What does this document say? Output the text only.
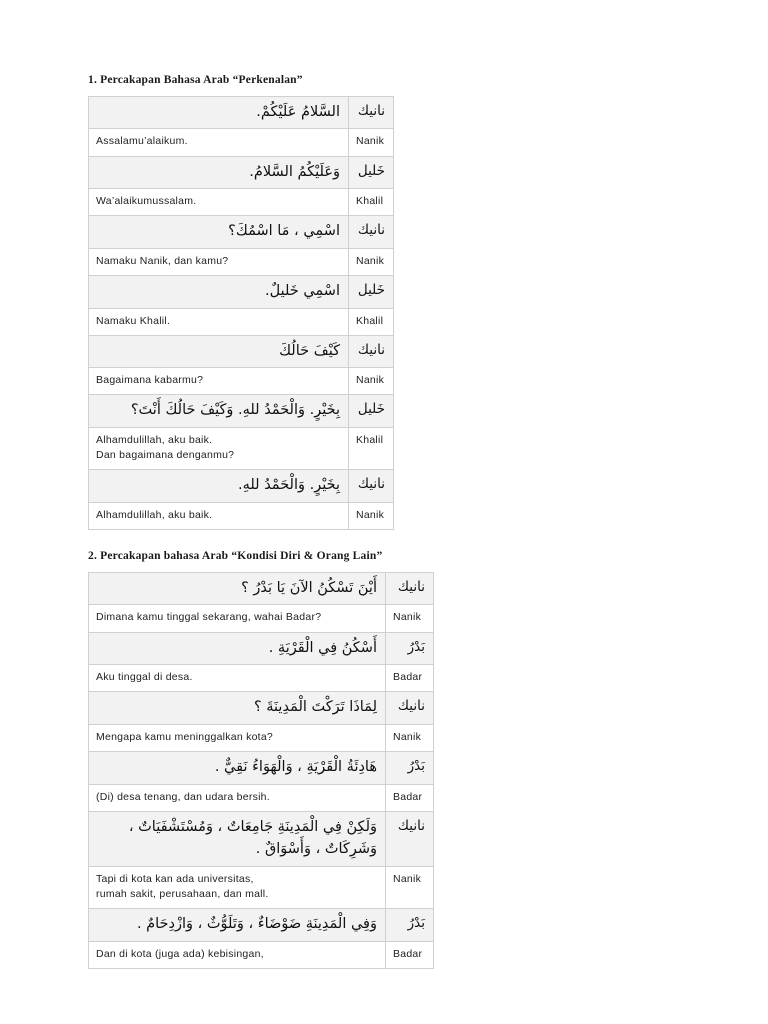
1. Percakapan Bahasa Arab “Perkenalan”
السَّلامُ عَلَيْكُمْ.	نانيك

Assalamu’alaikum.	Nanik
وَعَلَيْكُمُ السَّلامُ.	خَليل

Wa’alaikumussalam.	Khalil
اسْمِي ، مَا اسْمُكَ؟	نانيك

Namaku Nanik, dan kamu?	Nanik
اسْمِي خَليلٌ.	خَليل

Namaku Khalil.	Khalil
كَيْفَ حَالُكَ	نانيك

Bagaimana kabarmu?	Nanik
بِخَيْرٍ. وَالْحَمْدُ للهِ. وَكَيْفَ حَالُكَ أَنْتَ؟	خَليل

Alhamdulillah, aku baik.
Dan bagaimana denganmu?	Khalil
بِخَيْرٍ. وَالْحَمْدُ للهِ.	نانيك

Alhamdulillah, aku baik.	Nanik
2. Percakapan bahasa Arab “Kondisi Diri & Orang Lain”
أَيْنَ تَسْكُنُ الآنَ يَا بَدْرُ ؟	نانيك

Dimana kamu tinggal sekarang, wahai Badar?	Nanik
أَسْكُنُ فِي الْقَرْيَةِ .	بَدْرُ

Aku tinggal di desa.	Badar
لِمَاذَا تَرَكْتَ الْمَدِينَةَ ؟	نانيك

Mengapa kamu meninggalkan kota?	Nanik
هَادِئَةُ الْقَرْيَةِ ، وَالْهَوَاءُ نَقِيٌّ .	بَدْرُ

(Di) desa tenang, dan udara bersih.	Badar
وَلَكِنْ فِي الْمَدِينَةِ جَامِعَاتٌ ، وَمُسْتَشْفَيَاتٌ ، وَشَرِكَاتٌ ، وَأَسْوَاقٌ .	نانيك

Tapi di kota kan ada universitas,
rumah sakit, perusahaan, dan mall.	Nanik
وَفِي الْمَدِينَةِ ضَوْضَاءٌ ، وَتَلَوُّثٌ ، وَازْدِحَامٌ .	بَدْرُ

Dan di kota (juga ada) kebisingan,	Badar
